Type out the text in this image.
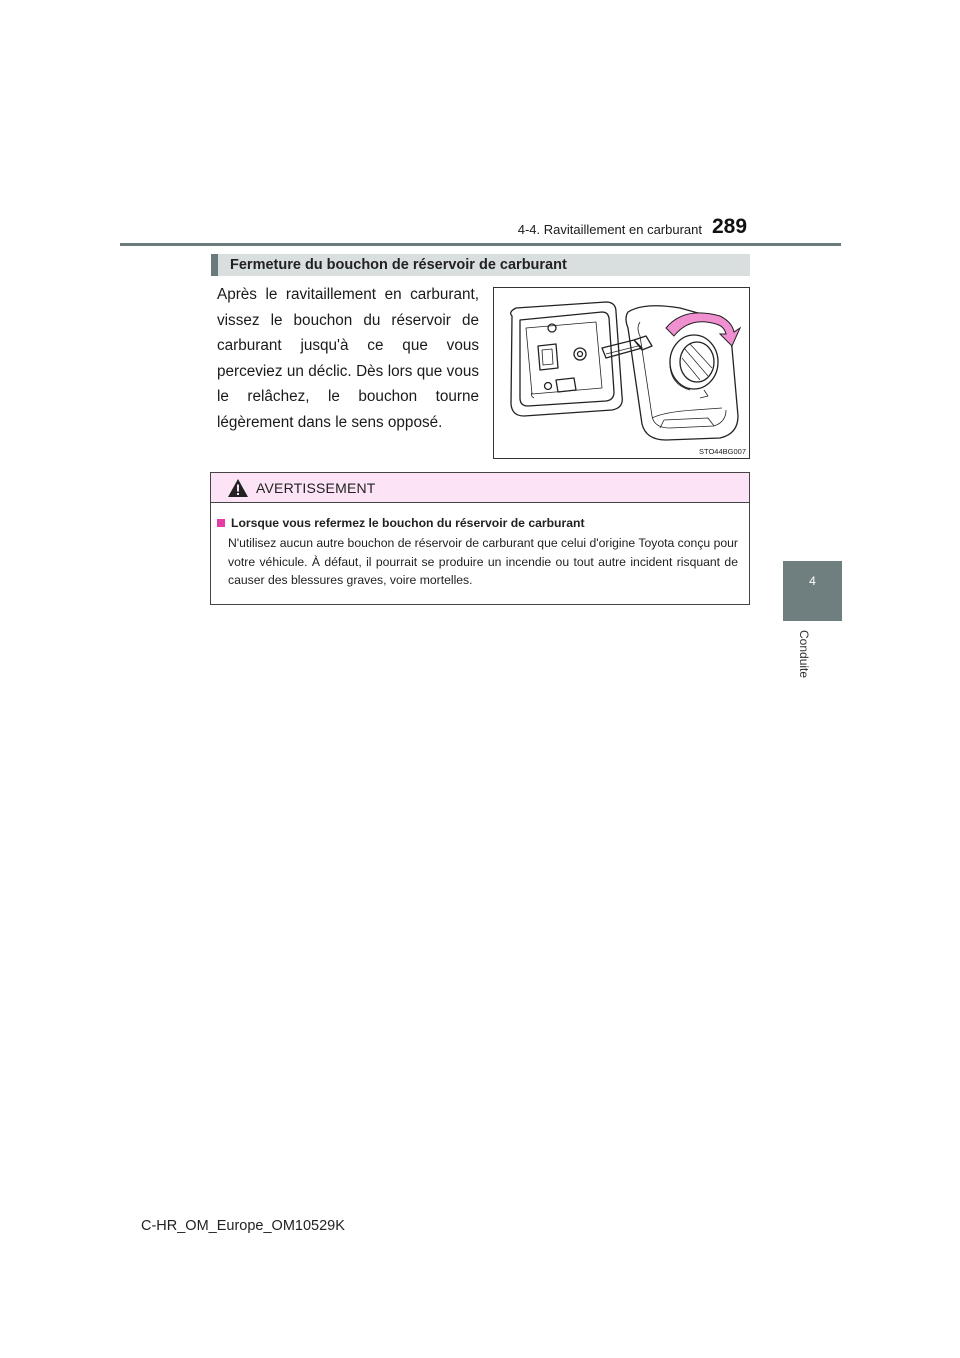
4-4. Ravitaillement en carburant 289
4
Conduite
Fermeture du bouchon de réservoir de carburant
Après le ravitaillement en carburant, vissez le bouchon du réservoir de carburant jusqu'à ce que vous perceviez un déclic. Dès lors que vous le relâchez, le bouchon tourne légèrement dans le sens opposé.
STO44BG007
AVERTISSEMENT
Lorsque vous refermez le bouchon du réservoir de carburant
N'utilisez aucun autre bouchon de réservoir de carburant que celui d'origine Toyota conçu pour votre véhicule. À défaut, il pourrait se produire un incendie ou tout autre incident risquant de causer des blessures graves, voire mortelles.
C-HR_OM_Europe_OM10529K
